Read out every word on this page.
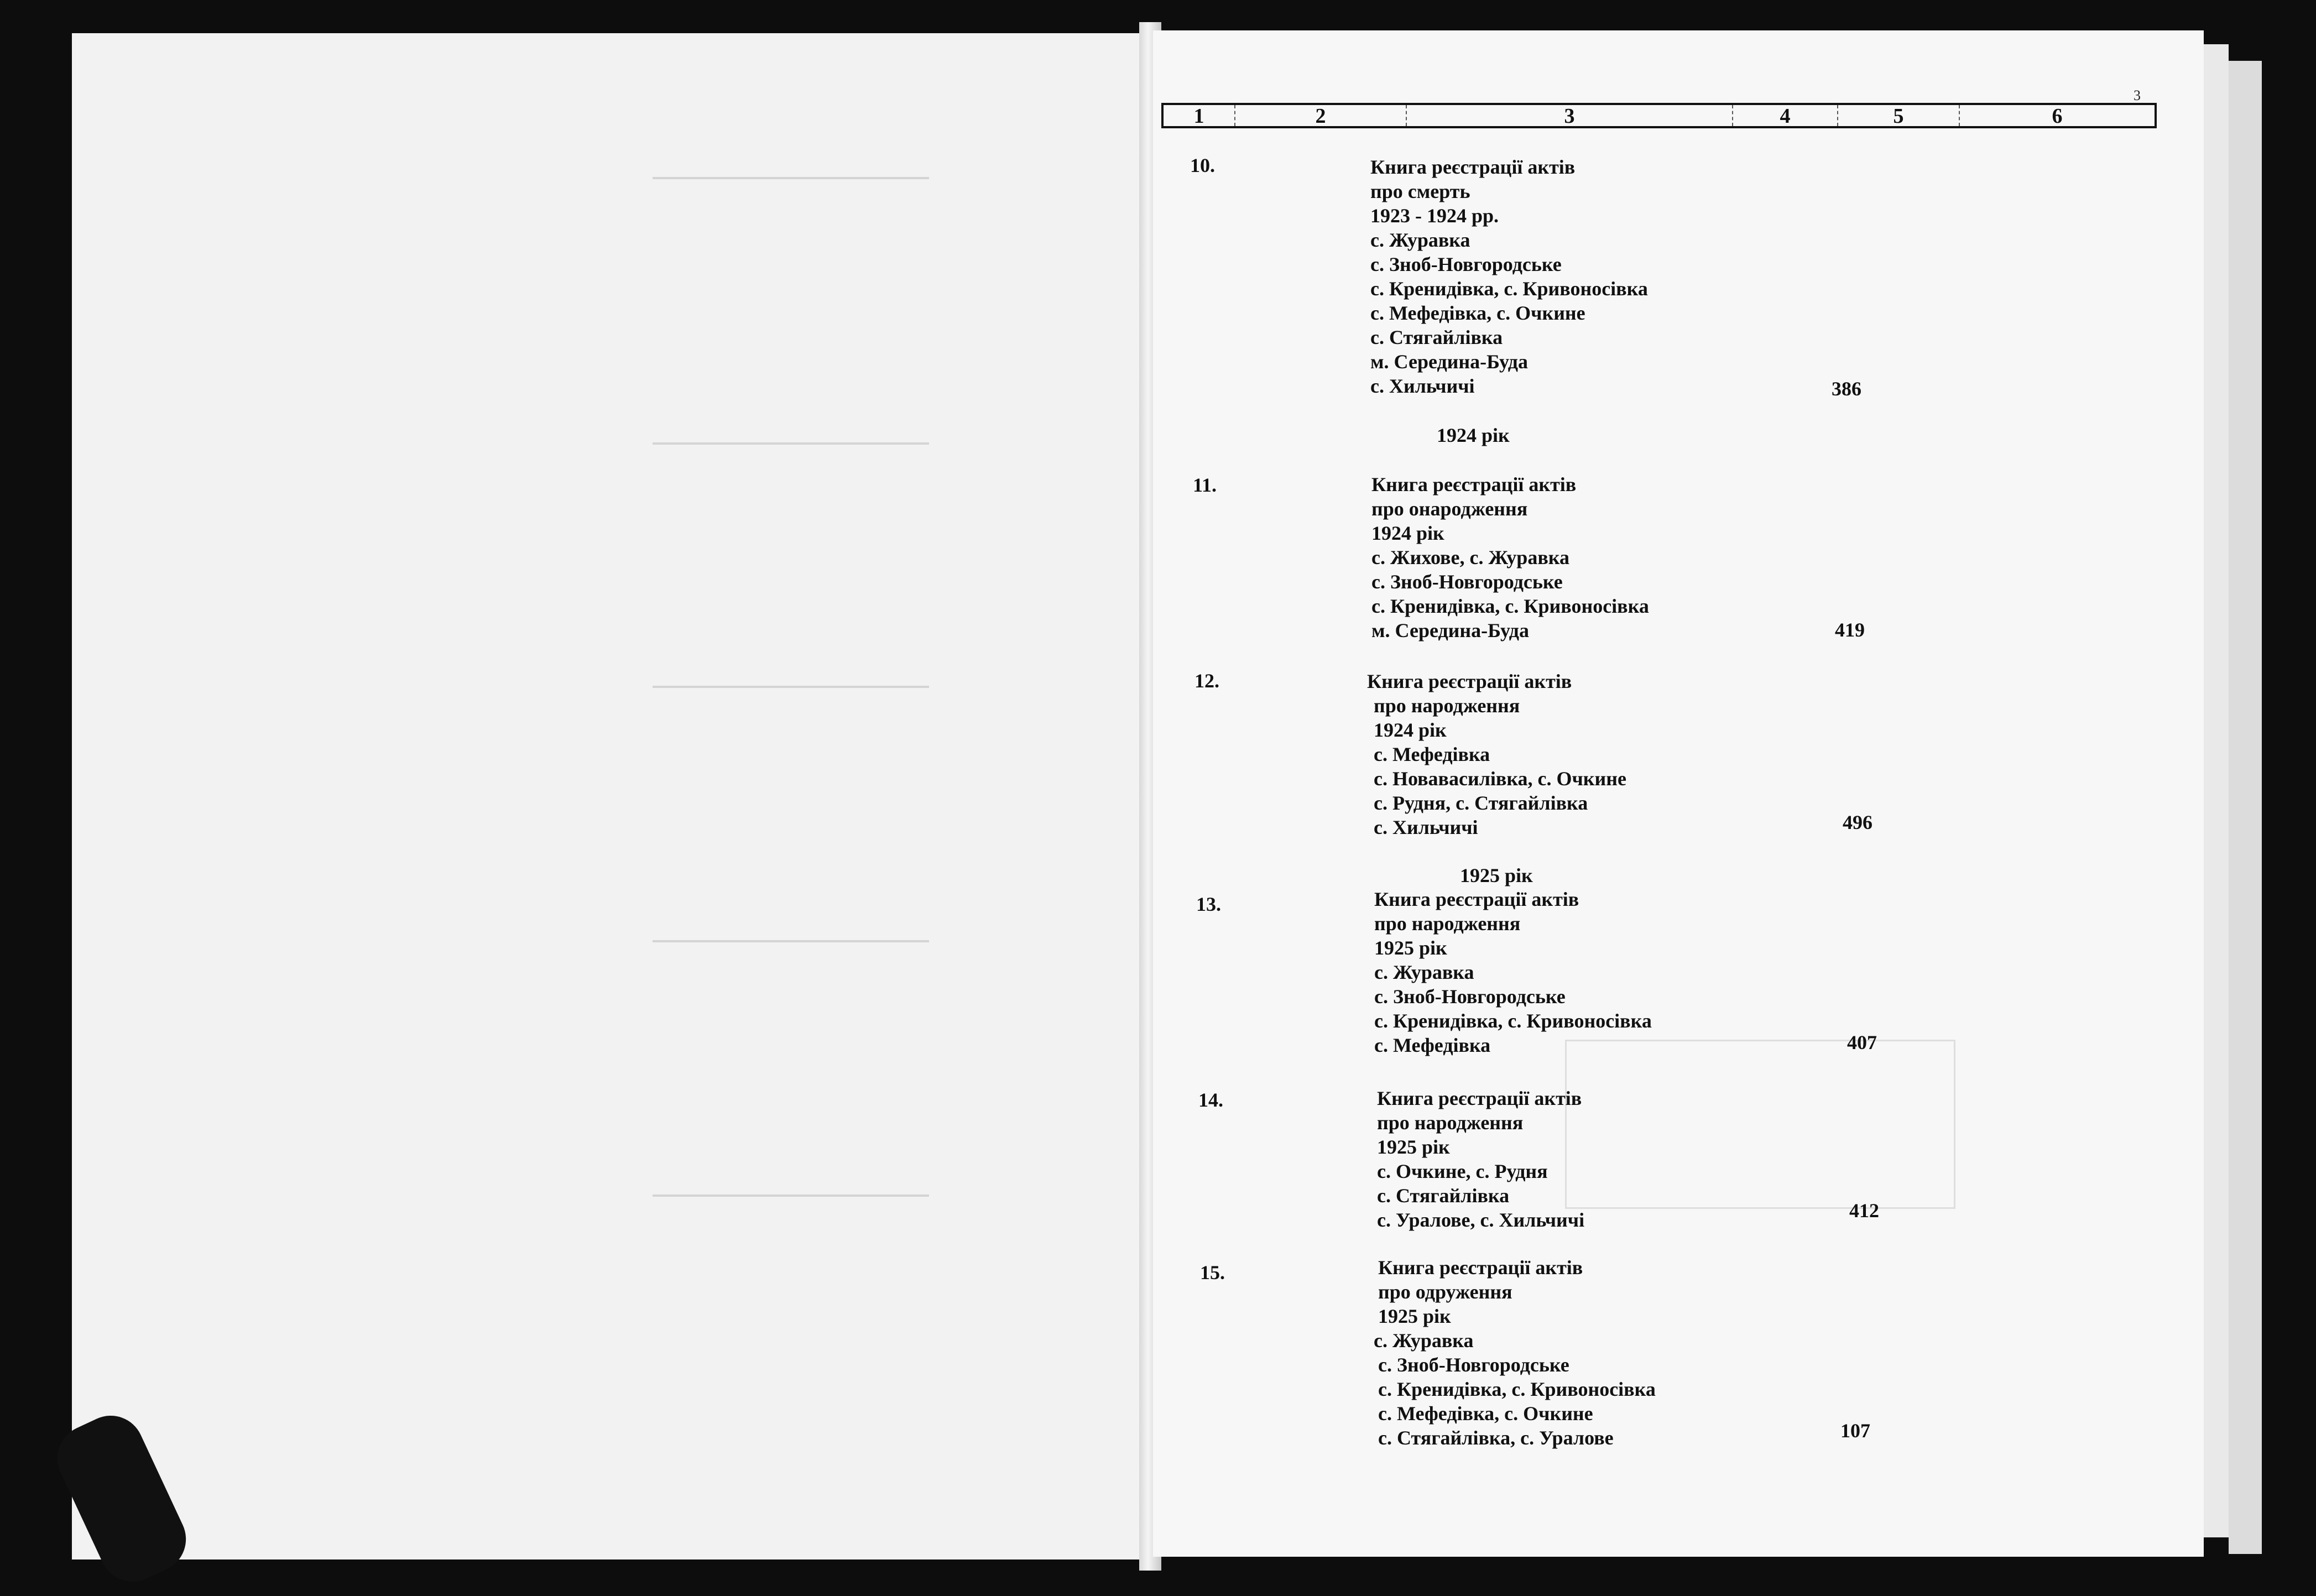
3
1	2	3	4	5	6
10.	Книга реєстрації актів
про смерть
1923 - 1924 рр.
с. Журавка
с. Зноб-Новгородське
с. Кренидівка, с. Кривоносівка
с. Мефедівка, с. Очкине
с. Стягайлівка
м. Середина-Буда
с. Хильчичі	386
1924 рік
11.	Книга реєстрації актів
про онародження
1924 рік
с. Жихове, с. Журавка
с. Зноб-Новгородське
с. Кренидівка, с. Кривоносівка
м. Середина-Буда	419
12.	Книга реєстрації актів
про народження
1924 рік
с. Мефедівка
с. Новавасилівка, с. Очкине
с. Рудня, с. Стягайлівка
с. Хильчичі	496
1925 рік
13.	Книга реєстрації актів
про народження
1925 рік
с. Журавка
с. Зноб-Новгородське
с. Кренидівка, с. Кривоносівка
с. Мефедівка	407
14.	Книга реєстрації актів
про народження
1925 рік
с. Очкине, с. Рудня
с. Стягайлівка
с. Уралове, с. Хильчичі	412
15.	Книга реєстрації актів
про одруження
1925 рік
с. Журавка
с. Зноб-Новгородське
с. Кренидівка, с. Кривоносівка
с. Мефедівка, с. Очкине
с. Стягайлівка, с. Уралове	107
